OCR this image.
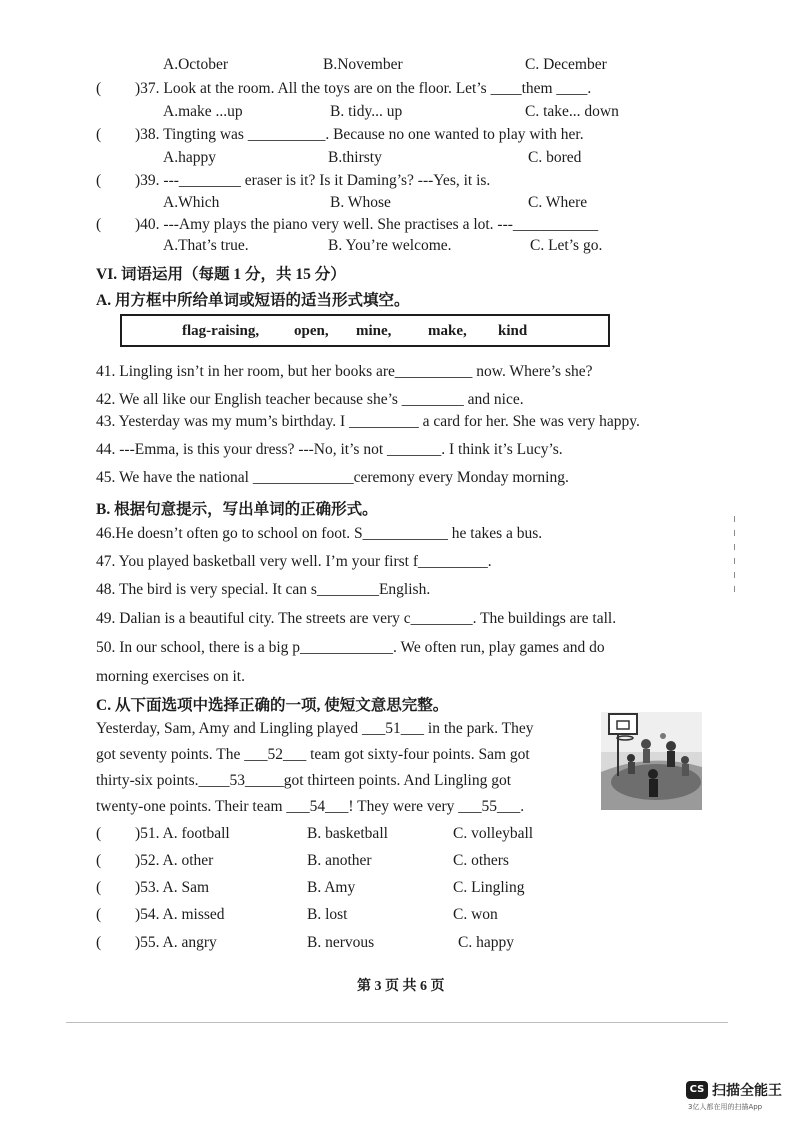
A.October	B.November	C. December
( )37. Look at the room. All the toys are on the floor. Let’s ____them ____.
A.make ...up	B. tidy... up	C. take... down
( )38. Tingting was __________. Because no one wanted to play with her.
A.happy	B.thirsty	C. bored
( )39. ---________ eraser is it? Is it Daming’s? ---Yes, it is.
A.Which	B. Whose	C. Where
( )40. ---Amy plays the piano very well. She practises a lot. ---___________
A.That’s true.	B. You’re welcome.	C. Let’s go.
VI. 词语运用（每题 1 分，共 15 分）
A. 用方框中所给单词或短语的适当形式填空。
flag-raising, open, mine, make, kind
41. Lingling isn’t in her room, but her books are__________ now. Where’s she?
42. We all like our English teacher because she’s ________ and nice.
43. Yesterday was my mum’s birthday. I _________ a card for her. She was very happy.
44. ---Emma, is this your dress? ---No, it’s not _______. I think it’s Lucy’s.
45. We have the national _____________ceremony every Monday morning.
B. 根据句意提示，写出单词的正确形式。
46.He doesn’t often go to school on foot. S___________ he takes a bus.
47. You played basketball very well. I’m your first f_________.
48. The bird is very special. It can s________English.
49. Dalian is a beautiful city. The streets are very c________. The buildings are tall.
50. In our school, there is a big p____________. We often run, play games and do
morning exercises on it.
C. 从下面选项中选择正确的一项, 使短文意思完整。
Yesterday, Sam, Amy and Lingling played ___51___ in the park. They
got seventy points. The ___52___ team got sixty-four points. Sam got
thirty-six points.____53_____got thirteen points. And Lingling got
twenty-one points. Their team ___54___! They were very ___55___.
( )51. A. football	B. basketball	C. volleyball
( )52. A. other	B. another	C. others
( )53. A. Sam	B. Amy	C. Lingling
( )54. A. missed	B. lost	C. won
( )55. A. angry	B. nervous	C. happy
第 3 页 共 6 页
CS 扫描全能王
3亿人都在用的扫描App
